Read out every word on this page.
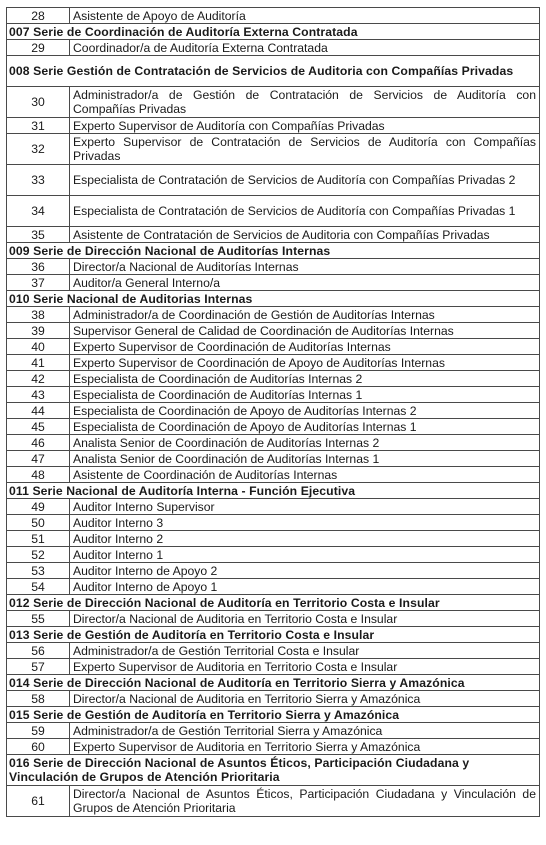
28	Asistente de Apoyo de Auditoría
007 Serie de Coordinación de Auditoría Externa Contratada	
29	Coordinador/a de Auditoría Externa Contratada
008 Serie Gestión de Contratación de Servicios de Auditoria con Compañías Privadas	
30	Administrador/a de Gestión de Contratación de Servicios de Auditoría con Compañías Privadas
31	Experto Supervisor de Auditoría con Compañías Privadas
32	Experto Supervisor de Contratación de Servicios de Auditoría con Compañías Privadas
33	Especialista de Contratación de Servicios de Auditoría con Compañías Privadas 2
34	Especialista de Contratación de Servicios de Auditoría con Compañías Privadas 1
35	Asistente de Contratación de Servicios de Auditoria con Compañías Privadas
009 Serie de Dirección Nacional de Auditorías Internas	
36	Director/a Nacional de Auditorías Internas
37	Auditor/a General Interno/a
010 Serie Nacional de Auditorias Internas	
38	Administrador/a de Coordinación de Gestión de Auditorías Internas
39	Supervisor General de Calidad de Coordinación de Auditorías Internas
40	Experto Supervisor de Coordinación de Auditorías Internas
41	Experto Supervisor de Coordinación de Apoyo de Auditorías Internas
42	Especialista de Coordinación de Auditorías Internas 2
43	Especialista de Coordinación de Auditorías Internas 1
44	Especialista de Coordinación de Apoyo de Auditorías Internas 2
45	Especialista de Coordinación de Apoyo de Auditorías Internas 1
46	Analista Senior de Coordinación de Auditorías Internas 2
47	Analista Senior de Coordinación de Auditorías Internas 1
48	Asistente de Coordinación de Auditorías Internas
011 Serie Nacional de Auditoría Interna - Función Ejecutiva	
49	Auditor Interno Supervisor
50	Auditor Interno 3
51	Auditor Interno 2
52	Auditor Interno 1
53	Auditor Interno de Apoyo 2
54	Auditor Interno de Apoyo 1
012 Serie de Dirección Nacional de Auditoría en Territorio Costa e Insular	
55	Director/a Nacional de Auditoria en Territorio Costa e Insular
013 Serie de Gestión de Auditoría en Territorio Costa e Insular	
56	Administrador/a de Gestión Territorial Costa e Insular
57	Experto Supervisor de Auditoria en Territorio Costa e Insular
014 Serie de Dirección Nacional de Auditoría en Territorio Sierra y Amazónica	
58	Director/a Nacional de Auditoria en Territorio Sierra y Amazónica
015 Serie de Gestión de Auditoría en Territorio Sierra y Amazónica	
59	Administrador/a de Gestión Territorial Sierra y Amazónica
60	Experto Supervisor de Auditoria en Territorio Sierra y Amazónica
016 Serie de Dirección Nacional de Asuntos Éticos, Participación Ciudadana y Vinculación de Grupos de Atención Prioritaria	
61	Director/a Nacional de Asuntos Éticos, Participación Ciudadana y Vinculación de Grupos de Atención Prioritaria
